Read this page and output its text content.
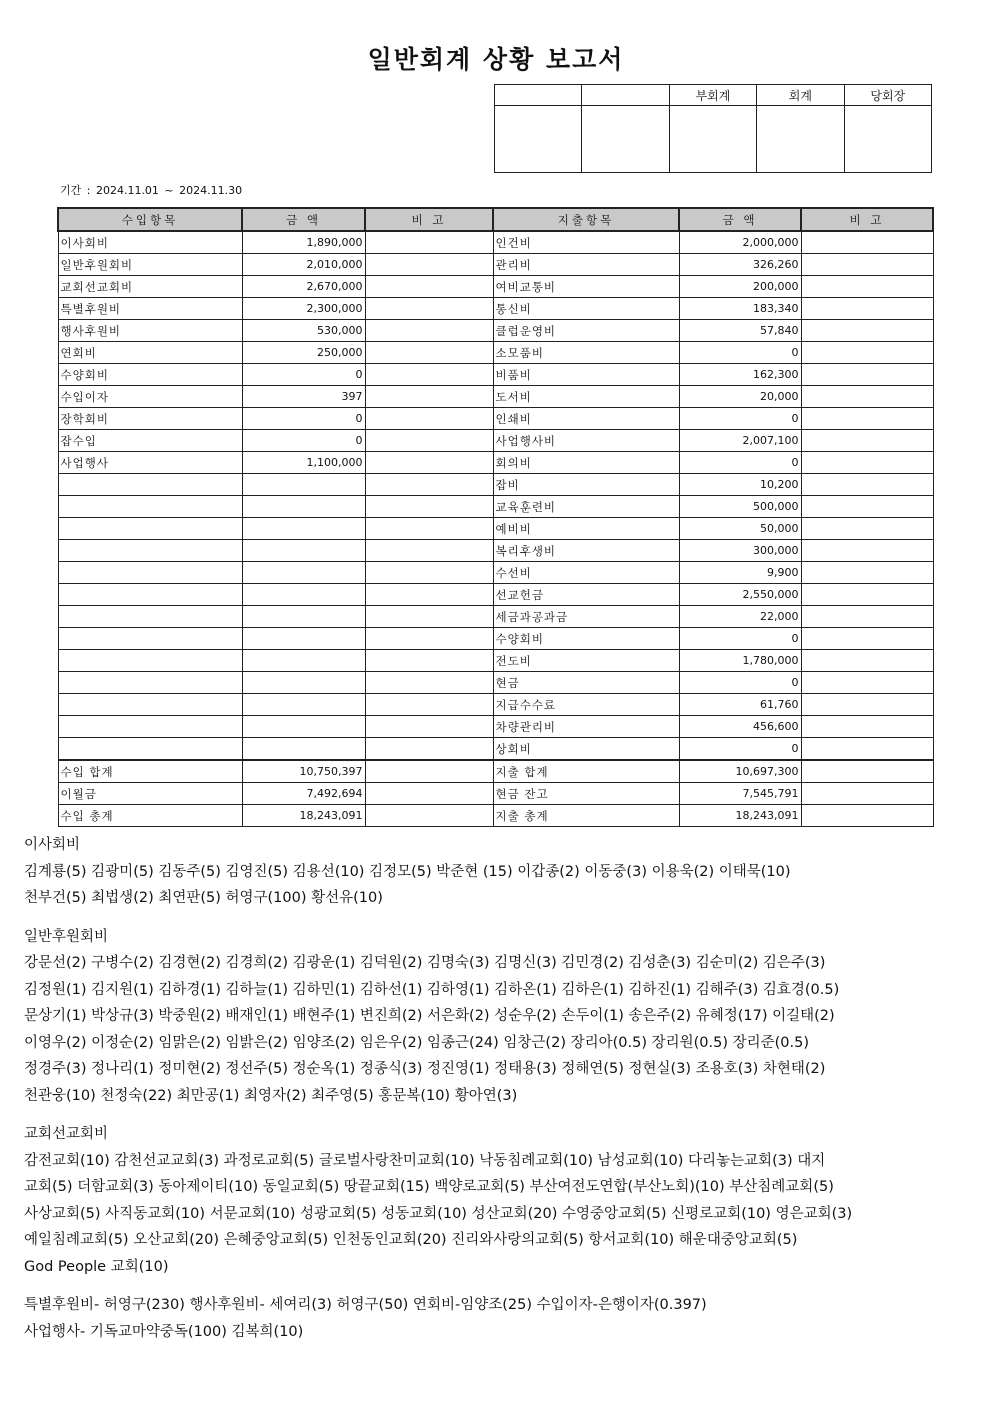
일반회계 상황 보고서
		부회계	회계	당회장

기간 : 2024.11.01 ~ 2024.11.30
수입항목	금 액	비 고	지출항목	금 액	비 고
이사회비	1,890,000		인건비	2,000,000	
일반후원회비	2,010,000		관리비	326,260	
교회선교회비	2,670,000		여비교통비	200,000	
특별후원비	2,300,000		통신비	183,340	
행사후원비	530,000		클럽운영비	57,840	
연회비	250,000		소모품비	0	
수양회비	0		비품비	162,300	
수입이자	397		도서비	20,000	
장학회비	0		인쇄비	0	
잡수입	0		사업행사비	2,007,100	
사업행사	1,100,000		회의비	0	
			잡비	10,200	
			교육훈련비	500,000	
			예비비	50,000	
			복리후생비	300,000	
			수선비	9,900	
			선교헌금	2,550,000	
			세금과공과금	22,000	
			수양회비	0	
			전도비	1,780,000	
			현금	0	
			지급수수료	61,760	
			차량관리비	456,600	
			상회비	0	
수입 합계	10,750,397		지출 합계	10,697,300	
이월금	7,492,694		현금 잔고	7,545,791	
수입 총계	18,243,091		지출 총계	18,243,091	

이사회비

김계룡(5) 김광미(5) 김동주(5) 김영진(5) 김용선(10) 김정모(5) 박준현 (15) 이갑종(2) 이동중(3) 이용욱(2) 이태묵(10)

천부건(5) 최법생(2) 최연판(5) 허영구(100) 황선유(10)

일반후원회비

강문선(2) 구병수(2) 김경현(2) 김경희(2) 김광운(1) 김덕원(2) 김명숙(3) 김명신(3) 김민경(2) 김성춘(3) 김순미(2) 김은주(3)

김정원(1) 김지원(1) 김하경(1) 김하늘(1) 김하민(1) 김하선(1) 김하영(1) 김하온(1) 김하은(1) 김하진(1) 김해주(3) 김효경(0.5)

문상기(1) 박상규(3) 박중원(2) 배재인(1) 배현주(1) 변진희(2) 서은화(2) 성순우(2) 손두이(1) 송은주(2) 유혜정(17) 이길태(2)

이영우(2) 이정순(2) 임맑은(2) 임밝은(2) 임양조(2) 임은우(2) 임종근(24) 임창근(2) 장리아(0.5) 장리원(0.5) 장리준(0.5)

정경주(3) 정나리(1) 정미현(2) 정선주(5) 정순옥(1) 정종식(3) 정진영(1) 정태용(3) 정해연(5) 정현실(3) 조용호(3) 차현태(2)

천관웅(10) 천정숙(22) 최만공(1) 최영자(2) 최주영(5) 홍문복(10) 황아연(3)

교회선교회비

감전교회(10) 감천선교교회(3) 과정로교회(5) 글로벌사랑찬미교회(10) 낙동침례교회(10) 남성교회(10) 다리놓는교회(3) 대지

교회(5) 더함교회(3) 동아제이티(10) 동일교회(5) 땅끝교회(15) 백양로교회(5) 부산여전도연합(부산노회)(10) 부산침례교회(5)

사상교회(5) 사직동교회(10) 서문교회(10) 성광교회(5) 성동교회(10) 성산교회(20) 수영중앙교회(5) 신평로교회(10) 영은교회(3)

예일침례교회(5) 오산교회(20) 은혜중앙교회(5) 인천동인교회(20) 진리와사랑의교회(5) 항서교회(10) 해운대중앙교회(5)

God People 교회(10)

특별후원비- 허영구(230) 행사후원비- 세여리(3) 허영구(50) 연회비-임양조(25) 수입이자-은행이자(0.397)

사업행사- 기독교마약중독(100) 김복희(10)
